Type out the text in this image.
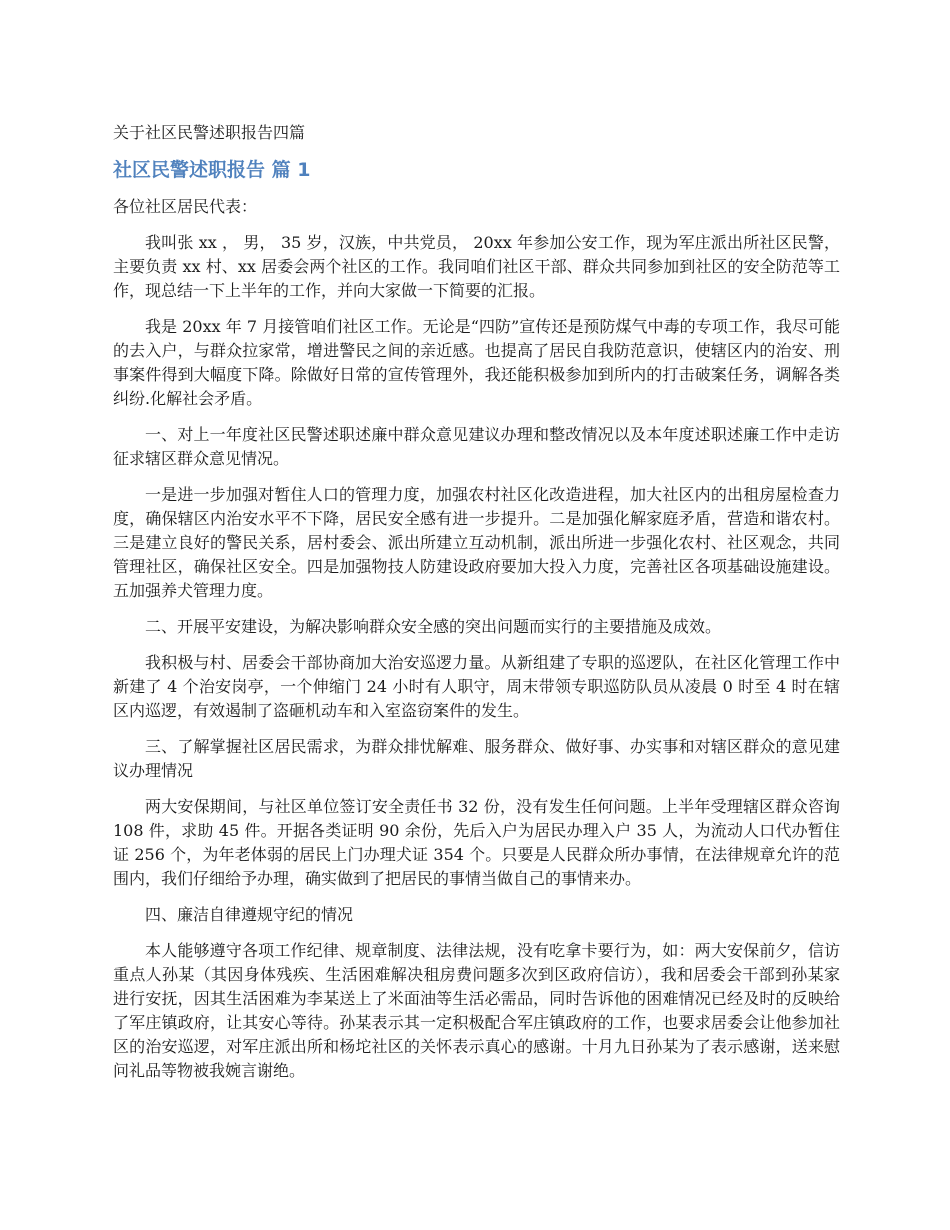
关于社区民警述职报告四篇
社区民警述职报告 篇 1
各位社区居民代表：

我叫张 xx ， 男， 35 岁，汉族，中共党员， 20xx 年参加公安工作，现为军庄派出所社区民警，主要负责 xx 村、xx 居委会两个社区的工作。我同咱们社区干部、群众共同参加到社区的安全防范等工作，现总结一下上半年的工作，并向大家做一下简要的汇报。

我是 20xx 年 7 月接管咱们社区工作。无论是“四防”宣传还是预防煤气中毒的专项工作，我尽可能的去入户，与群众拉家常，增进警民之间的亲近感。也提高了居民自我防范意识，使辖区内的治安、刑事案件得到大幅度下降。除做好日常的宣传管理外，我还能积极参加到所内的打击破案任务，调解各类纠纷.化解社会矛盾。

一、对上一年度社区民警述职述廉中群众意见建议办理和整改情况以及本年度述职述廉工作中走访征求辖区群众意见情况。

一是进一步加强对暂住人口的管理力度，加强农村社区化改造进程，加大社区内的出租房屋检查力度，确保辖区内治安水平不下降，居民安全感有进一步提升。二是加强化解家庭矛盾，营造和谐农村。三是建立良好的警民关系，居村委会、派出所建立互动机制，派出所进一步强化农村、社区观念，共同管理社区，确保社区安全。四是加强物技人防建设政府要加大投入力度，完善社区各项基础设施建设。五加强养犬管理力度。

二、开展平安建设，为解决影响群众安全感的突出问题而实行的主要措施及成效。

我积极与村、居委会干部协商加大治安巡逻力量。从新组建了专职的巡逻队，在社区化管理工作中新建了 4 个治安岗亭，一个伸缩门 24 小时有人职守，周末带领专职巡防队员从凌晨 0 时至 4 时在辖区内巡逻，有效遏制了盗砸机动车和入室盗窃案件的发生。

三、了解掌握社区居民需求，为群众排忧解难、服务群众、做好事、办实事和对辖区群众的意见建议办理情况

两大安保期间，与社区单位签订安全责任书 32 份，没有发生任何问题。上半年受理辖区群众咨询 108 件，求助 45 件。开据各类证明 90 余份，先后入户为居民办理入户 35 人，为流动人口代办暂住证 256 个，为年老体弱的居民上门办理犬证 354 个。只要是人民群众所办事情，在法律规章允许的范围内，我们仔细给予办理，确实做到了把居民的事情当做自己的事情来办。

四、廉洁自律遵规守纪的情况

本人能够遵守各项工作纪律、规章制度、法律法规，没有吃拿卡要行为，如：两大安保前夕，信访重点人孙某（其因身体残疾、生活困难解决租房费问题多次到区政府信访），我和居委会干部到孙某家进行安抚，因其生活困难为李某送上了米面油等生活必需品，同时告诉他的困难情况已经及时的反映给了军庄镇政府，让其安心等待。孙某表示其一定积极配合军庄镇政府的工作，也要求居委会让他参加社区的治安巡逻，对军庄派出所和杨坨社区的关怀表示真心的感谢。十月九日孙某为了表示感谢，送来慰问礼品等物被我婉言谢绝。
